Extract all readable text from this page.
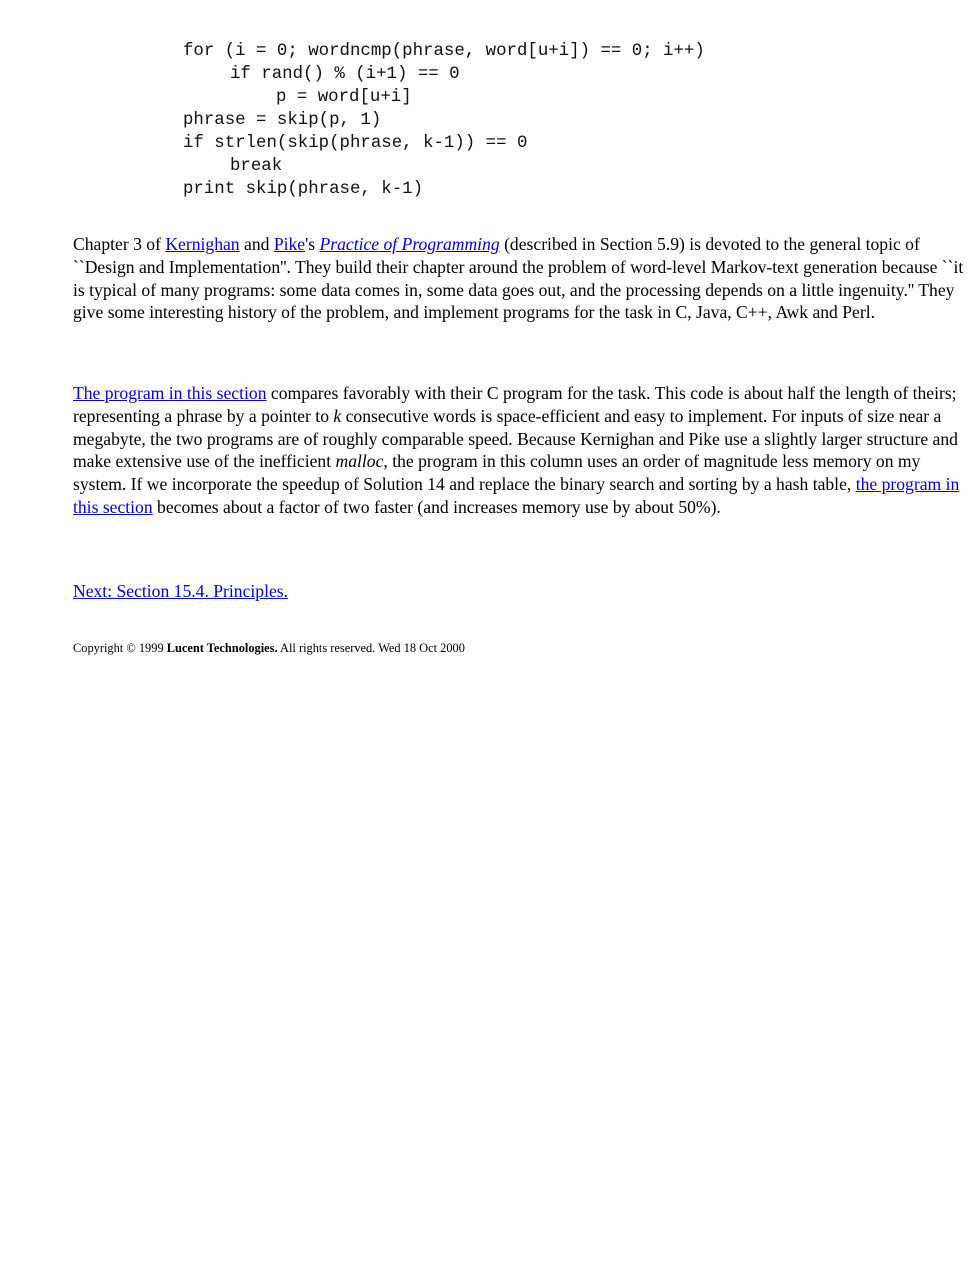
for (i = 0; wordncmp(phrase, word[u+i]) == 0; i++)
if rand() % (i+1) == 0
p = word[u+i]
phrase = skip(p, 1)
if strlen(skip(phrase, k-1)) == 0
break
print skip(phrase, k-1)

Chapter 3 of Kernighan and Pike's Practice of Programming (described in Section 5.9) is devoted to the general topic of ``Design and Implementation''. They build their chapter around the problem of word-level Markov-text generation because ``it is typical of many programs: some data comes in, some data goes out, and the processing depends on a little ingenuity.'' They give some interesting history of the problem, and implement programs for the task in C, Java, C++, Awk and Perl.

The program in this section compares favorably with their C program for the task. This code is about half the length of theirs; representing a phrase by a pointer to k consecutive words is space-efficient and easy to implement. For inputs of size near a megabyte, the two programs are of roughly comparable speed. Because Kernighan and Pike use a slightly larger structure and make extensive use of the inefficient malloc, the program in this column uses an order of magnitude less memory on my system. If we incorporate the speedup of Solution 14 and replace the binary search and sorting by a hash table, the program in this section becomes about a factor of two faster (and increases memory use by about 50%).

Next: Section 15.4. Principles.

Copyright © 1999 Lucent Technologies. All rights reserved. Wed 18 Oct 2000
